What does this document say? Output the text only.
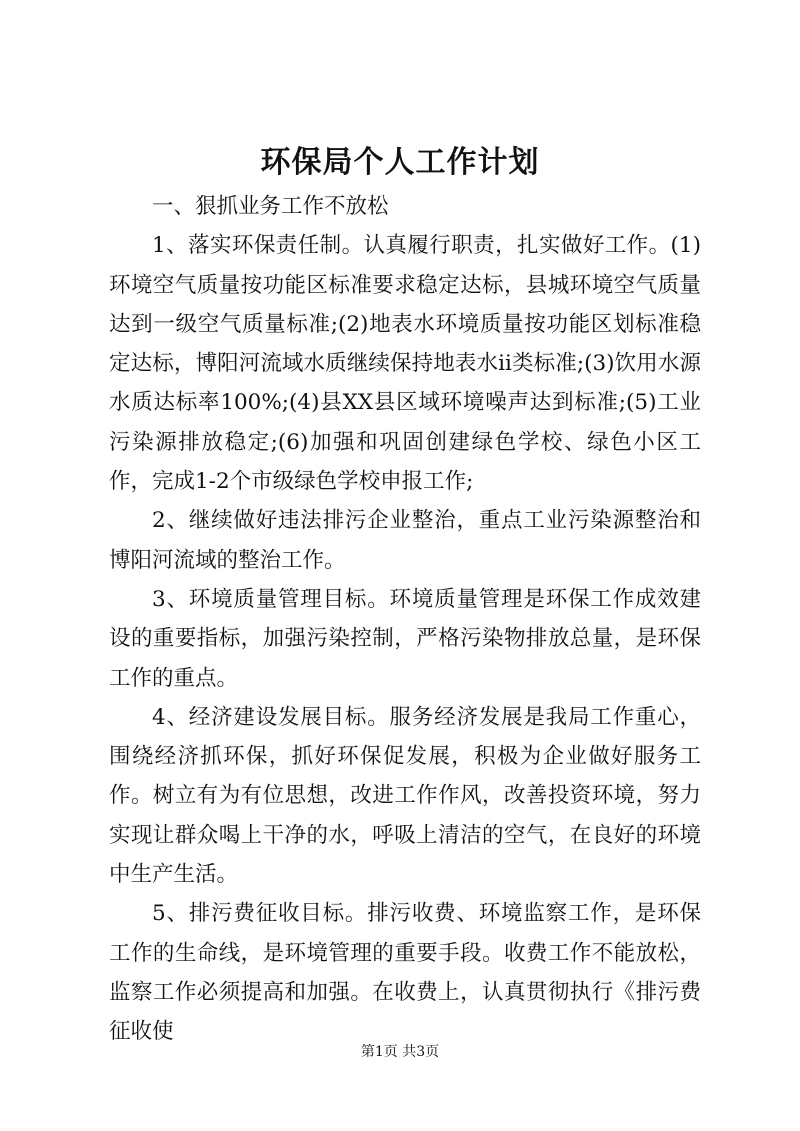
环保局个人工作计划

一、狠抓业务工作不放松

1、落实环保责任制。认真履行职责，扎实做好工作。(1)环境空气质量按功能区标准要求稳定达标，县城环境空气质量达到一级空气质量标准;(2)地表水环境质量按功能区划标准稳定达标，博阳河流域水质继续保持地表水ii类标准;(3)饮用水源水质达标率100%;(4)县XX县区域环境噪声达到标准;(5)工业污染源排放稳定;(6)加强和巩固创建绿色学校、绿色小区工作，完成1-2个市级绿色学校申报工作;

2、继续做好违法排污企业整治，重点工业污染源整治和博阳河流域的整治工作。

3、环境质量管理目标。环境质量管理是环保工作成效建设的重要指标，加强污染控制，严格污染物排放总量，是环保工作的重点。

4、经济建设发展目标。服务经济发展是我局工作重心，围绕经济抓环保，抓好环保促发展，积极为企业做好服务工作。树立有为有位思想，改进工作作风，改善投资环境，努力实现让群众喝上干净的水，呼吸上清洁的空气，在良好的环境中生产生活。

5、排污费征收目标。排污收费、环境监察工作，是环保工作的生命线，是环境管理的重要手段。收费工作不能放松，监察工作必须提高和加强。在收费上，认真贯彻执行《排污费征收使

第1页 共3页
